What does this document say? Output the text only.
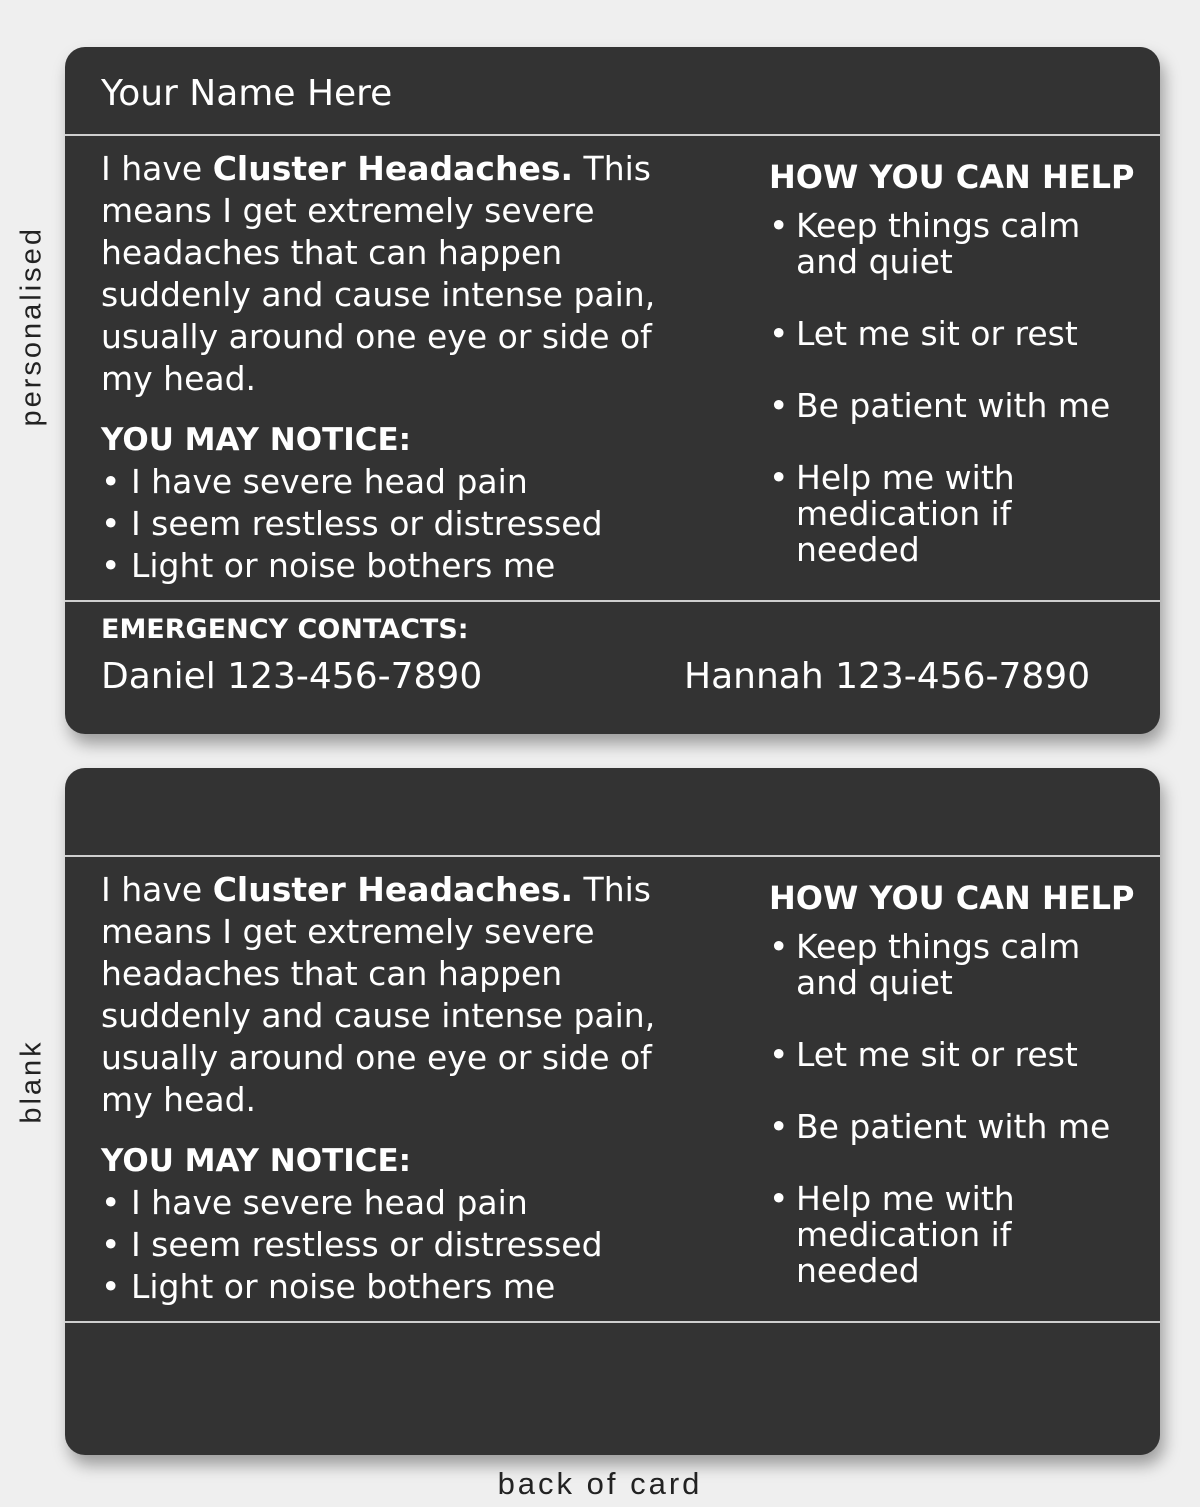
personalised
blank
Your Name Here
I have Cluster Headaches. This means I get extremely severe headaches that can happen suddenly and cause intense pain, usually around one eye or side of my head.
YOU MAY NOTICE:
• I have severe head pain
• I seem restless or distressed
• Light or noise bothers me
HOW YOU CAN HELP
• Keep things calm and quiet
• Let me sit or rest
• Be patient with me
• Help me with medication if needed
EMERGENCY CONTACTS:
Daniel 123-456-7890	Hannah 123-456-7890
I have Cluster Headaches. This means I get extremely severe headaches that can happen suddenly and cause intense pain, usually around one eye or side of my head.
YOU MAY NOTICE:
• I have severe head pain
• I seem restless or distressed
• Light or noise bothers me
HOW YOU CAN HELP
• Keep things calm and quiet
• Let me sit or rest
• Be patient with me
• Help me with medication if needed
back of card
